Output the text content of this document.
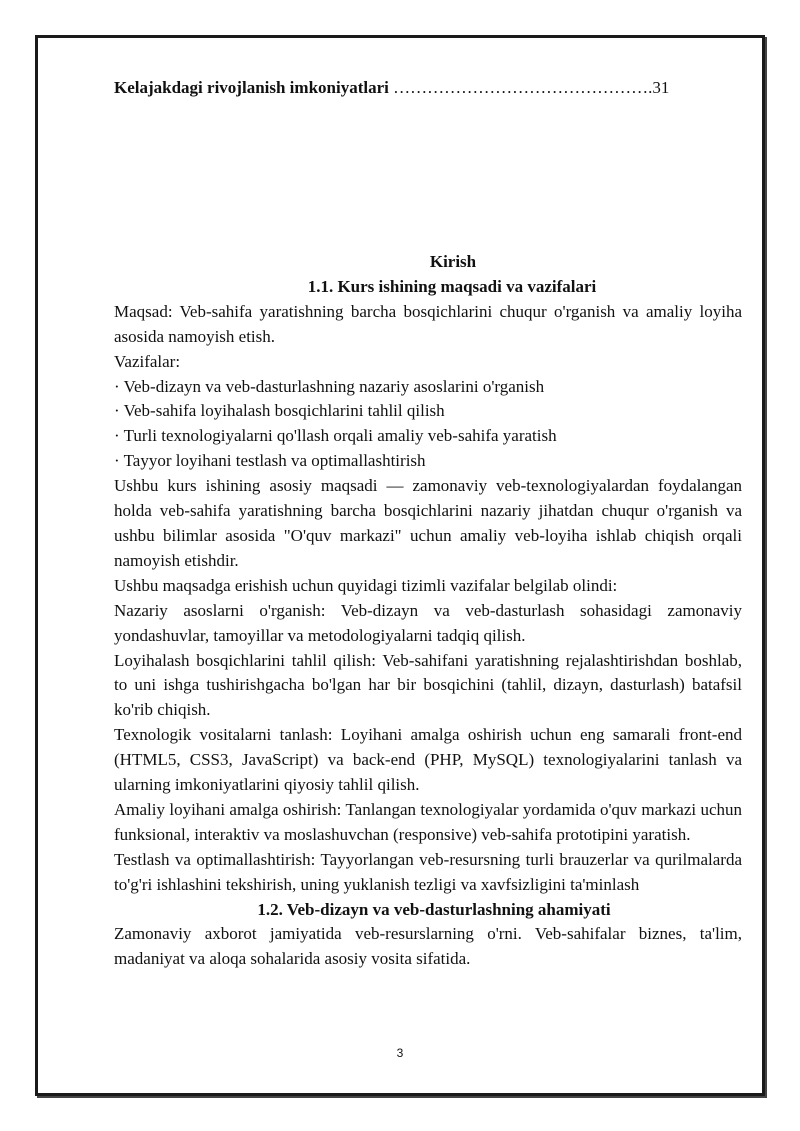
Kelajakdagi rivojlanish imkoniyatlari ……………………………………….31

Kirish

1.1. Kurs ishining maqsadi va vazifalari

Maqsad: Veb-sahifa yaratishning barcha bosqichlarini chuqur o'rganish va amaliy loyiha asosida namoyish etish.

Vazifalar:

· Veb-dizayn va veb-dasturlashning nazariy asoslarini o'rganish

· Veb-sahifa loyihalash bosqichlarini tahlil qilish

· Turli texnologiyalarni qo'llash orqali amaliy veb-sahifa yaratish

· Tayyor loyihani testlash va optimallashtirish

Ushbu kurs ishining asosiy maqsadi — zamonaviy veb-texnologiyalardan foydalangan holda veb-sahifa yaratishning barcha bosqichlarini nazariy jihatdan chuqur o'rganish va ushbu bilimlar asosida "O'quv markazi" uchun amaliy veb-loyiha ishlab chiqish orqali namoyish etishdir.

Ushbu maqsadga erishish uchun quyidagi tizimli vazifalar belgilab olindi:

Nazariy asoslarni o'rganish: Veb-dizayn va veb-dasturlash sohasidagi zamonaviy yondashuvlar, tamoyillar va metodologiyalarni tadqiq qilish.

Loyihalash bosqichlarini tahlil qilish: Veb-sahifani yaratishning rejalashtirishdan boshlab, to uni ishga tushirishgacha bo'lgan har bir bosqichini (tahlil, dizayn, dasturlash) batafsil ko'rib chiqish.

Texnologik vositalarni tanlash: Loyihani amalga oshirish uchun eng samarali front-end (HTML5, CSS3, JavaScript) va back-end (PHP, MySQL) texnologiyalarini tanlash va ularning imkoniyatlarini qiyosiy tahlil qilish.

Amaliy loyihani amalga oshirish: Tanlangan texnologiyalar yordamida o'quv markazi uchun funksional, interaktiv va moslashuvchan (responsive) veb-sahifa prototipini yaratish.

Testlash va optimallashtirish: Tayyorlangan veb-resursning turli brauzerlar va qurilmalarda to'g'ri ishlashini tekshirish, uning yuklanish tezligi va xavfsizligini ta'minlash

1.2. Veb-dizayn va veb-dasturlashning ahamiyati

Zamonaviy axborot jamiyatida veb-resurslarning o'rni. Veb-sahifalar biznes, ta'lim, madaniyat va aloqa sohalarida asosiy vosita sifatida.

3
